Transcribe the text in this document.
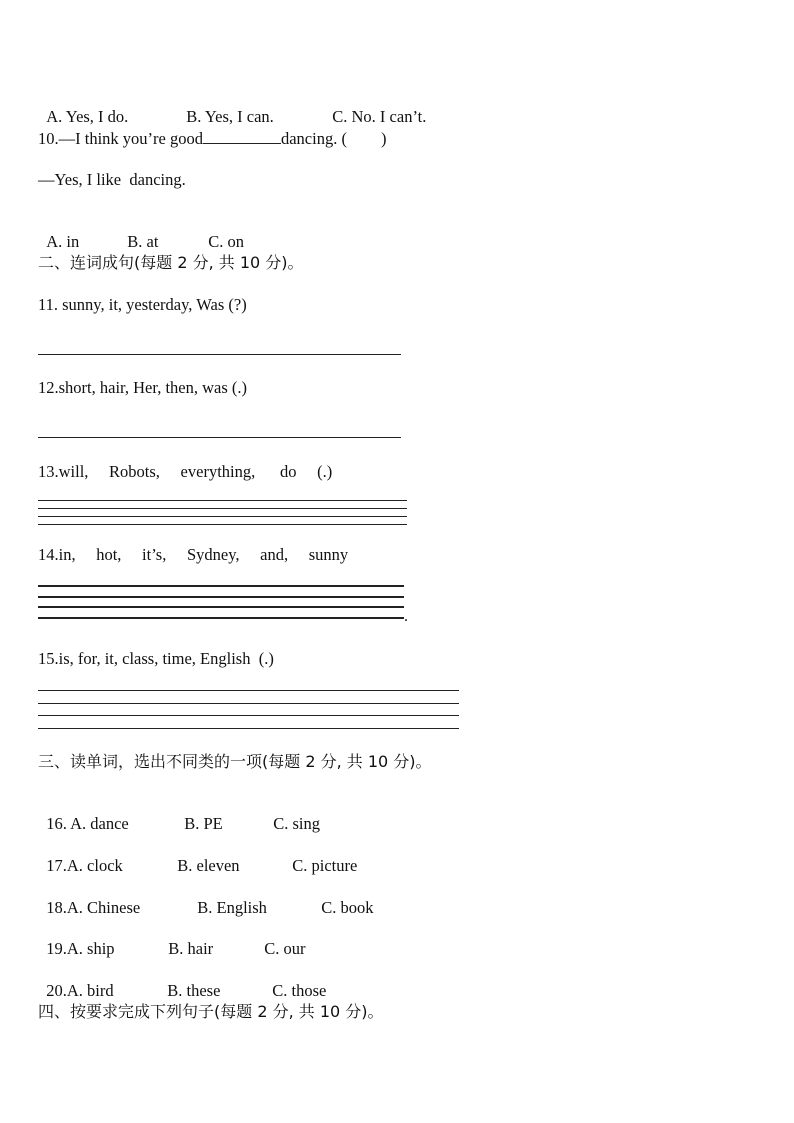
A. Yes, I do.	B. Yes, I can.	C. No. I can’t.

10.—I think you’re good	dancing. ( )
—Yes, I like  dancing.

A. in	B. at	C. on

二、连词成句(每题 2 分, 共 10 分)。
11. sunny, it, yesterday, Was (?)
12.short, hair, Her, then, was (.)
13.will,     Robots,     everything,      do     (.)
14.in,     hot,     it’s,     Sydney,     and,     sunny
.
15.is, for, it, class, time, English  (.)
三、读单词，选出不同类的一项(每题 2 分, 共 10 分)。

16. A. dance	B. PE	C. sing

17.A. clock	B. eleven	C. picture

18.A. Chinese	B. English	C. book

19.A. ship	B. hair	C. our

20.A. bird	B. these	C. those

四、按要求完成下列句子(每题 2 分, 共 10 分)。
